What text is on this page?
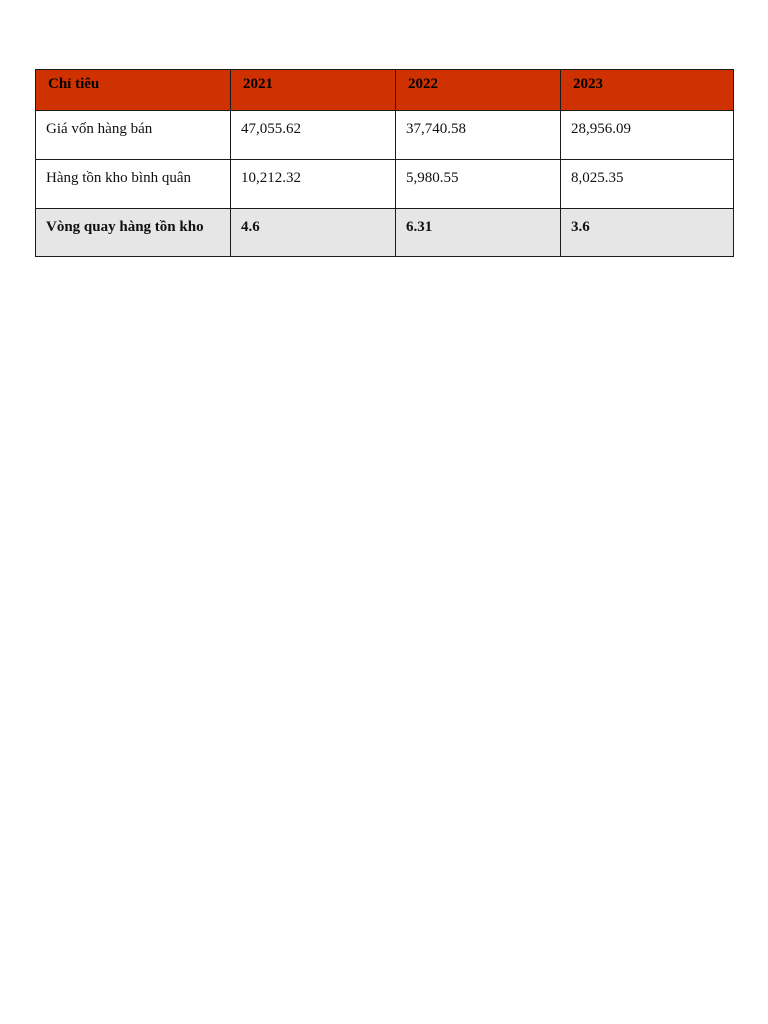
Chỉ tiêu	2021	2022	2023
Giá vốn hàng bán	47,055.62	37,740.58	28,956.09
Hàng tồn kho bình quân	10,212.32	5,980.55	8,025.35
Vòng quay hàng tồn kho	4.6	6.31	3.6
